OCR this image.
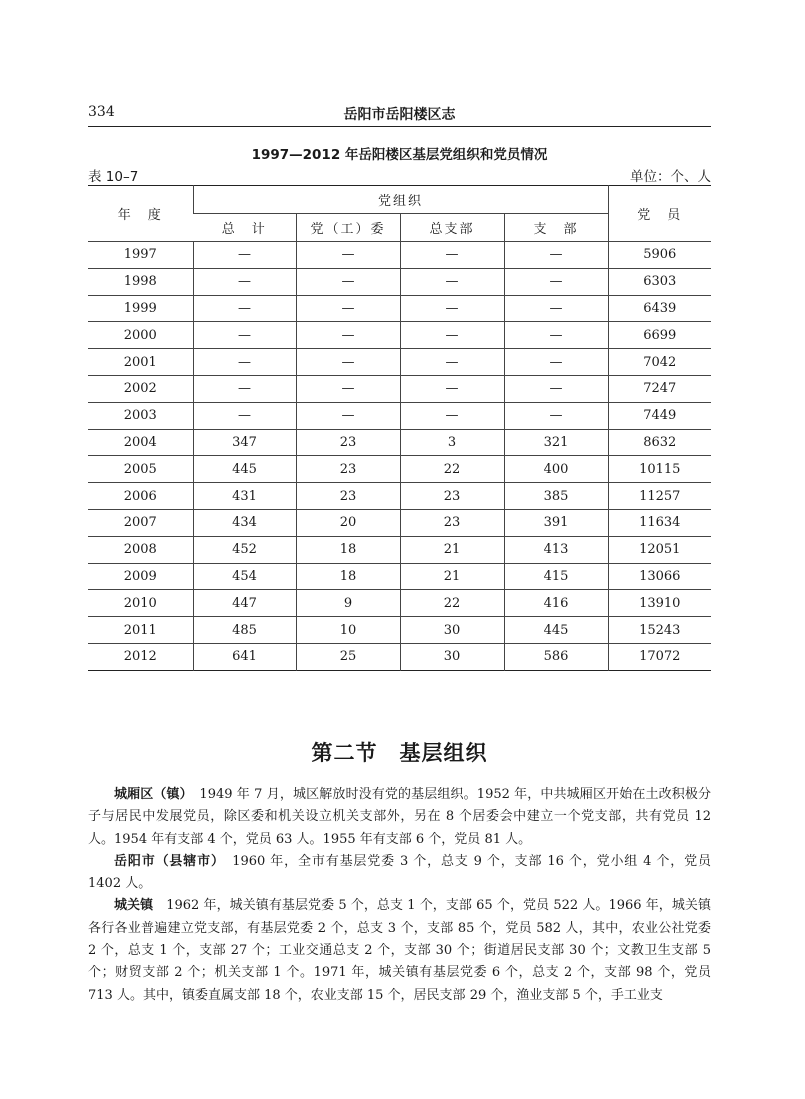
334	岳阳市岳阳楼区志
1997—2012 年岳阳楼区基层党组织和党员情况
表 10–7	单位：个、人
年　度	党组织				党　员
	总　计	党（工）委	总支部	支　部	
1997	—	—	—	—	5906
1998	—	—	—	—	6303
1999	—	—	—	—	6439
2000	—	—	—	—	6699
2001	—	—	—	—	7042
2002	—	—	—	—	7247
2003	—	—	—	—	7449
2004	347	23	3	321	8632
2005	445	23	22	400	10115
2006	431	23	23	385	11257
2007	434	20	23	391	11634
2008	452	18	21	413	12051
2009	454	18	21	415	13066
2010	447	9	22	416	13910
2011	485	10	30	445	15243
2012	641	25	30	586	17072
第二节　基层组织

城厢区（镇）　1949 年 7 月，城区解放时没有党的基层组织。1952 年，中共城厢区开始在土改积极分子与居民中发展党员，除区委和机关设立机关支部外，另在 8 个居委会中建立一个党支部，共有党员 12 人。1954 年有支部 4 个，党员 63 人。1955 年有支部 6 个，党员 81 人。

岳阳市（县辖市）　1960 年，全市有基层党委 3 个，总支 9 个，支部 16 个，党小组 4 个，党员 1402 人。

城关镇　1962 年，城关镇有基层党委 5 个，总支 1 个，支部 65 个，党员 522 人。1966 年，城关镇各行各业普遍建立党支部，有基层党委 2 个，总支 3 个，支部 85 个，党员 582 人，其中，农业公社党委 2 个，总支 1 个，支部 27 个；工业交通总支 2 个，支部 30 个；街道居民支部 30 个；文教卫生支部 5 个；财贸支部 2 个；机关支部 1 个。1971 年，城关镇有基层党委 6 个，总支 2 个，支部 98 个，党员 713 人。其中，镇委直属支部 18 个，农业支部 15 个，居民支部 29 个，渔业支部 5 个，手工业支
